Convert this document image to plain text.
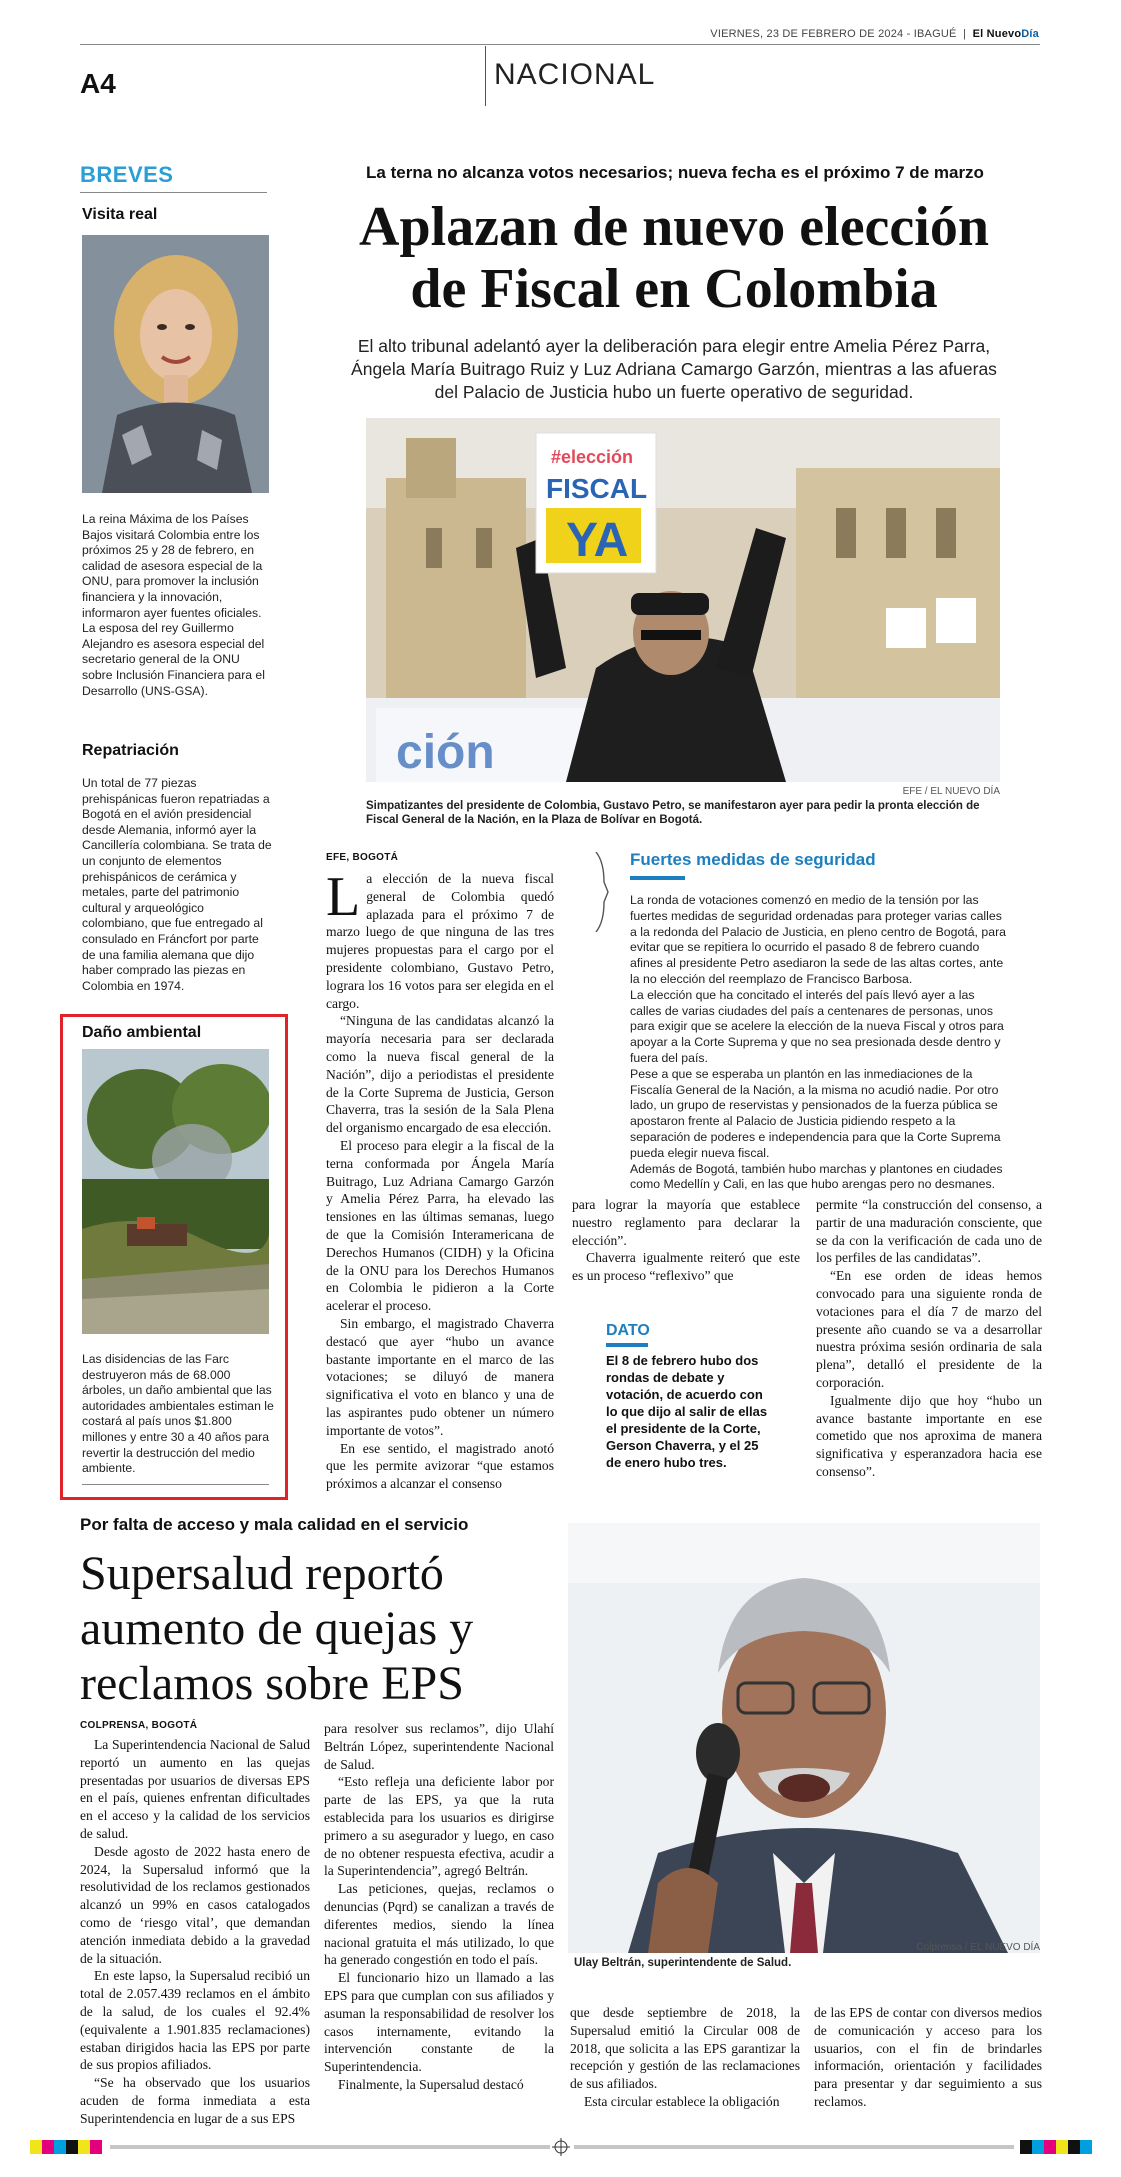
VIERNES, 23 DE FEBRERO DE 2024 - IBAGUÉ  |  El NuevoDía
A4	NACIONAL
BREVES
Visita real
La reina Máxima de los Países Bajos visitará Colombia entre los próximos 25 y 28 de febrero, en calidad de asesora especial de la ONU, para promover la inclusión financiera y la innovación, informaron ayer fuentes oficiales. La esposa del rey Guillermo Alejandro es asesora especial del secretario general de la ONU sobre Inclusión Financiera para el Desarrollo (UNS-GSA).
Repatriación
Un total de 77 piezas prehispánicas fueron repatriadas a Bogotá en el avión presidencial desde Alemania, informó ayer la Cancillería colombiana. Se trata de un conjunto de elementos prehispánicos de cerámica y metales, parte del patrimonio cultural y arqueológico colombiano, que fue entregado al consulado en Fráncfort por parte de una familia alemana que dijo haber comprado las piezas en Colombia en 1974.
Daño ambiental
Las disidencias de las Farc destruyeron más de 68.000 árboles, un daño ambiental que las autoridades ambientales estiman le costará al país unos $1.800 millones y entre 30 a 40 años para revertir la destrucción del medio ambiente.
La terna no alcanza votos necesarios; nueva fecha es el próximo 7 de marzo
Aplazan de nuevo elección
de Fiscal en Colombia
El alto tribunal adelantó ayer la deliberación para elegir entre Amelia Pérez Parra, Ángela María Buitrago Ruiz y Luz Adriana Camargo Garzón, mientras a las afueras del Palacio de Justicia hubo un fuerte operativo de seguridad.
ción
#elección
FISCAL
YA
EFE / EL NUEVO DÍA
Simpatizantes del presidente de Colombia, Gustavo Petro, se manifestaron ayer para pedir la pronta elección de Fiscal General de la Nación, en la Plaza de Bolívar en Bogotá.
EFE, BOGOTÁ
L a elección de la nueva fiscal general de Colombia quedó aplazada para el próximo 7 de marzo luego de que ninguna de las tres mujeres propuestas para el cargo por el presidente colombiano, Gustavo Petro, lograra los 16 votos para ser elegida en el cargo.

“Ninguna de las candidatas alcanzó la mayoría necesaria para ser declarada como la nueva fiscal general de la Nación”, dijo a periodistas el presidente de la Corte Suprema de Justicia, Gerson Chaverra, tras la sesión de la Sala Plena del organismo encargado de esa elección.

El proceso para elegir a la fiscal de la terna conformada por Ángela María Buitrago, Luz Adriana Camargo Garzón y Amelia Pérez Parra, ha elevado las tensiones en las últimas semanas, luego de que la Comisión Interamericana de Derechos Humanos (CIDH) y la Oficina de la ONU para los Derechos Humanos en Colombia le pidieron a la Corte acelerar el proceso.

Sin embargo, el magistrado Chaverra destacó que ayer “hubo un avance bastante importante en el marco de las votaciones; se diluyó de manera significativa el voto en blanco y una de las aspirantes pudo obtener un número importante de votos”.

En ese sentido, el magistrado anotó que les permite avizorar “que estamos próximos a alcanzar el consenso

Fuertes medidas de seguridad
La ronda de votaciones comenzó en medio de la tensión por las fuertes medidas de seguridad ordenadas para proteger varias calles a la redonda del Palacio de Justicia, en pleno centro de Bogotá, para evitar que se repitiera lo ocurrido el pasado 8 de febrero cuando afines al presidente Petro asediaron la sede de las altas cortes, ante la no elección del reemplazo de Francisco Barbosa.
La elección que ha concitado el interés del país llevó ayer a las calles de varias ciudades del país a centenares de personas, unos para exigir que se acelere la elección de la nueva Fiscal y otros para apoyar a la Corte Suprema y que no sea presionada desde dentro y fuera del país.
Pese a que se esperaba un plantón en las inmediaciones de la Fiscalía General de la Nación, a la misma no acudió nadie. Por otro lado, un grupo de reservistas y pensionados de la fuerza pública se apostaron frente al Palacio de Justicia pidiendo respeto a la separación de poderes e independencia para que la Corte Suprema pueda elegir nueva fiscal.
Además de Bogotá, también hubo marchas y plantones en ciudades como Medellín y Cali, en las que hubo arengas pero no desmanes.

para lograr la mayoría que establece nuestro reglamento para declarar la elección”.

Chaverra igualmente reiteró que este es un proceso “reflexivo” que

DATO
El 8 de febrero hubo dos rondas de debate y votación, de acuerdo con lo que dijo al salir de ellas el presidente de la Corte, Gerson Chaverra, y el 25 de enero hubo tres.

permite “la construcción del consenso, a partir de una maduración consciente, que se da con la verificación de cada uno de los perfiles de las candidatas”.

“En ese orden de ideas hemos convocado para una siguiente ronda de votaciones para el día 7 de marzo del presente año cuando se va a desarrollar nuestra próxima sesión ordinaria de sala plena”, detalló el presidente de la corporación.

Igualmente dijo que hoy “hubo un avance bastante importante en ese cometido que nos aproxima de manera significativa y esperanzadora hacia ese consenso”.

Por falta de acceso y mala calidad en el servicio
Supersalud reportó
aumento de quejas y
reclamos sobre EPS
Ulay Beltrán, superintendente de Salud.
Colprensa / EL NUEVO DÍA
COLPRENSA, BOGOTÁ

La Superintendencia Nacional de Salud reportó un aumento en las quejas presentadas por usuarios de diversas EPS en el país, quienes enfrentan dificultades en el acceso y la calidad de los servicios de salud.

Desde agosto de 2022 hasta enero de 2024, la Supersalud informó que la resolutividad de los reclamos gestionados alcanzó un 99% en casos catalogados como de ‘riesgo vital’, que demandan atención inmediata debido a la gravedad de la situación.

En este lapso, la Supersalud recibió un total de 2.057.439 reclamos en el ámbito de la salud, de los cuales el 92.4% (equivalente a 1.901.835 reclamaciones) estaban dirigidos hacia las EPS por parte de sus propios afiliados.

“Se ha observado que los usuarios acuden de forma inmediata a esta Superintendencia en lugar de a sus EPS

para resolver sus reclamos”, dijo Ulahí Beltrán López, superintendente Nacional de Salud.

“Esto refleja una deficiente labor por parte de las EPS, ya que la ruta establecida para los usuarios es dirigirse primero a su asegurador y luego, en caso de no obtener respuesta efectiva, acudir a la Superintendencia”, agregó Beltrán.

Las peticiones, quejas, reclamos o denuncias (Pqrd) se canalizan a través de diferentes medios, siendo la línea nacional gratuita el más utilizado, lo que ha generado congestión en todo el país.

El funcionario hizo un llamado a las EPS para que cumplan con sus afiliados y asuman la responsabilidad de resolver los casos internamente, evitando la intervención constante de la Superintendencia.

Finalmente, la Supersalud destacó

que desde septiembre de 2018, la Supersalud emitió la Circular 008 de 2018, que solicita a las EPS garantizar la recepción y gestión de las reclamaciones de sus afiliados.

Esta circular establece la obligación

de las EPS de contar con diversos medios de comunicación y acceso para los usuarios, con el fin de brindarles información, orientación y facilidades para presentar y dar seguimiento a sus reclamos.
